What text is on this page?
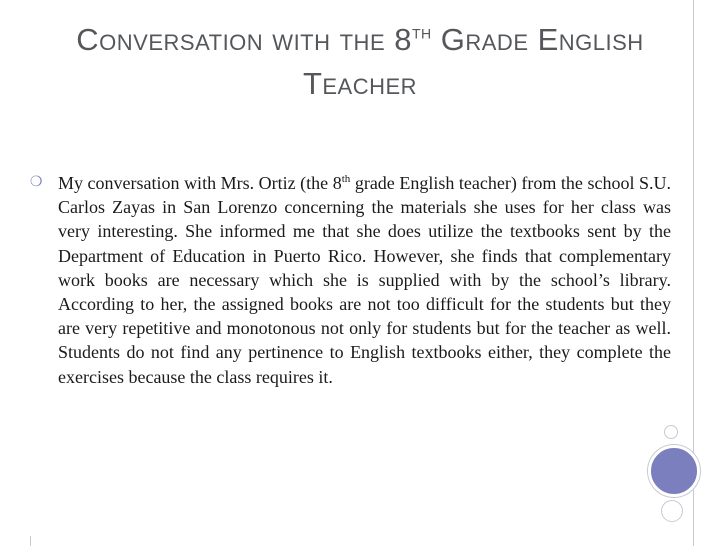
Conversation with the 8th Grade English Teacher
❍ My conversation with Mrs. Ortiz (the 8th grade English teacher) from the school S.U. Carlos Zayas in San Lorenzo concerning the materials she uses for her class was very interesting. She informed me that she does utilize the textbooks sent by the Department of Education in Puerto Rico. However, she finds that complementary work books are necessary which she is supplied with by the school’s library. According to her, the assigned books are not too difficult for the students but they are very repetitive and monotonous not only for students but for the teacher as well. Students do not find any pertinence to English textbooks either, they complete the exercises because the class requires it.
